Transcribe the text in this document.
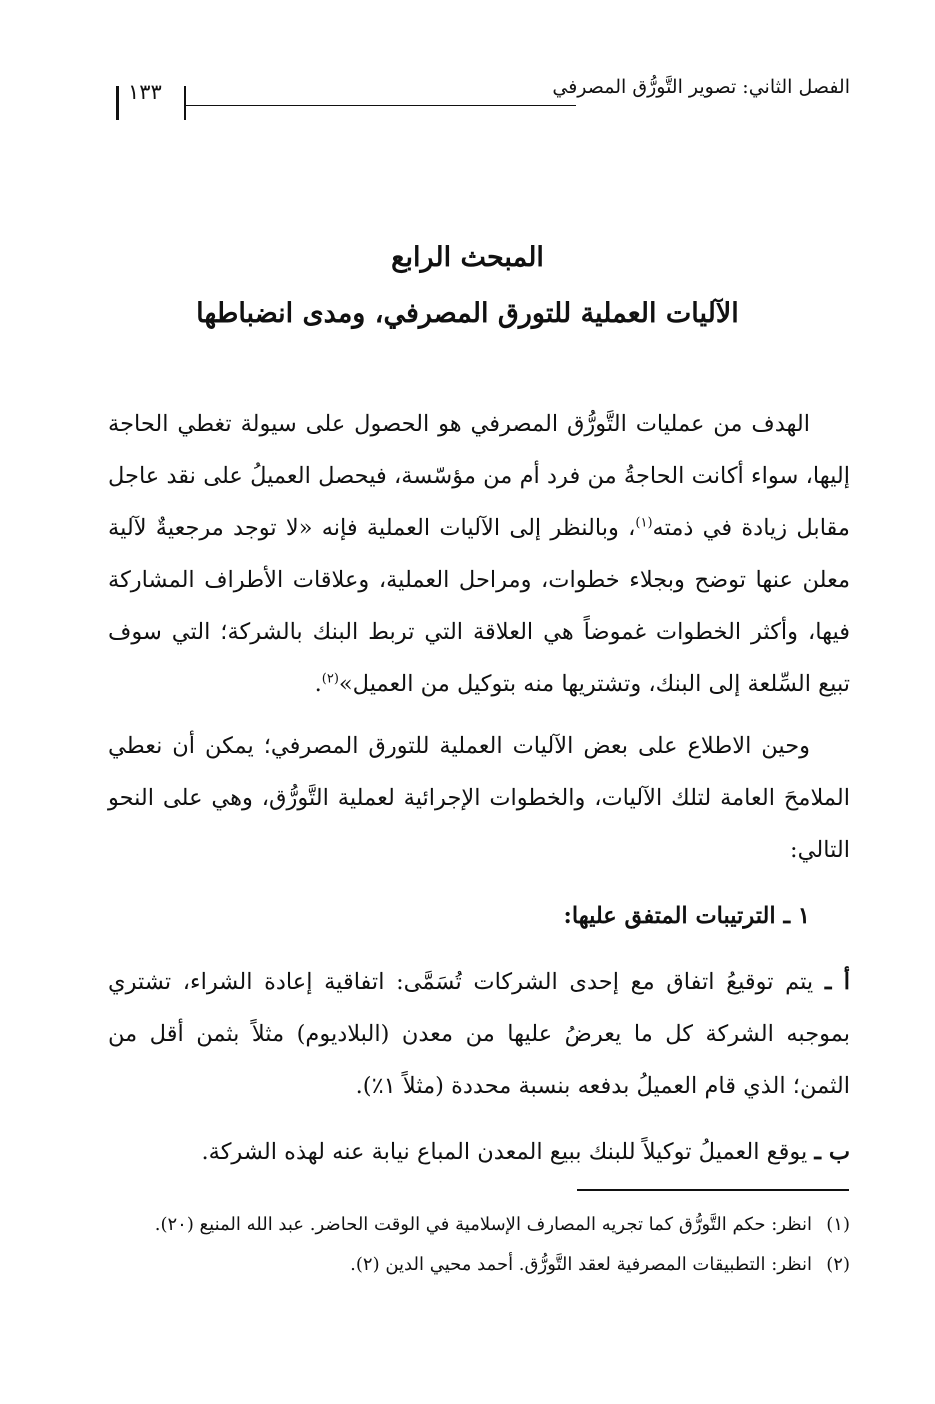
١٣٣	الفصل الثاني: تصوير التَّورُّق المصرفي
المبحث الرابع
الآليات العملية للتورق المصرفي، ومدى انضباطها

الهدف من عمليات التَّورُّق المصرفي هو الحصول على سيولة تغطي الحاجة إليها، سواء أكانت الحاجةُ من فرد أم من مؤسّسة، فيحصل العميلُ على نقد عاجل مقابل زيادة في ذمته$^{(١)}$، وبالنظر إلى الآليات العملية فإنه «لا توجد مرجعيةٌ لآلية معلن عنها توضح وبجلاء خطوات، ومراحل العملية، وعلاقات الأطراف المشاركة فيها، وأكثر الخطوات غموضاً هي العلاقة التي تربط البنك بالشركة؛ التي سوف تبيع السِّلعة إلى البنك، وتشتريها منه بتوكيل من العميل»$^{(٢)}$.

وحين الاطلاع على بعض الآليات العملية للتورق المصرفي؛ يمكن أن نعطي الملامحَ العامة لتلك الآليات، والخطوات الإجرائية لعملية التَّورُّق، وهي على النحو التالي:

١ ـ الترتيبات المتفق عليها:

أ ـ يتم توقيعُ اتفاق مع إحدى الشركات تُسَمَّى: اتفاقية إعادة الشراء، تشتري بموجبه الشركة كل ما يعرضُ عليها من معدن (البلاديوم) مثلاً بثمن أقل من الثمن؛ الذي قام العميلُ بدفعه بنسبة محددة (مثلاً ١٪).

ب ـ يوقع العميلُ توكيلاً للبنك ببيع المعدن المباع نيابة عنه لهذه الشركة.

(١)
انظر: حكم التَّورُّق كما تجريه المصارف الإسلامية في الوقت الحاضر. عبد الله المنيع (٢٠).

(٢)
انظر: التطبيقات المصرفية لعقد التَّورُّق. أحمد محيي الدين (٢).
